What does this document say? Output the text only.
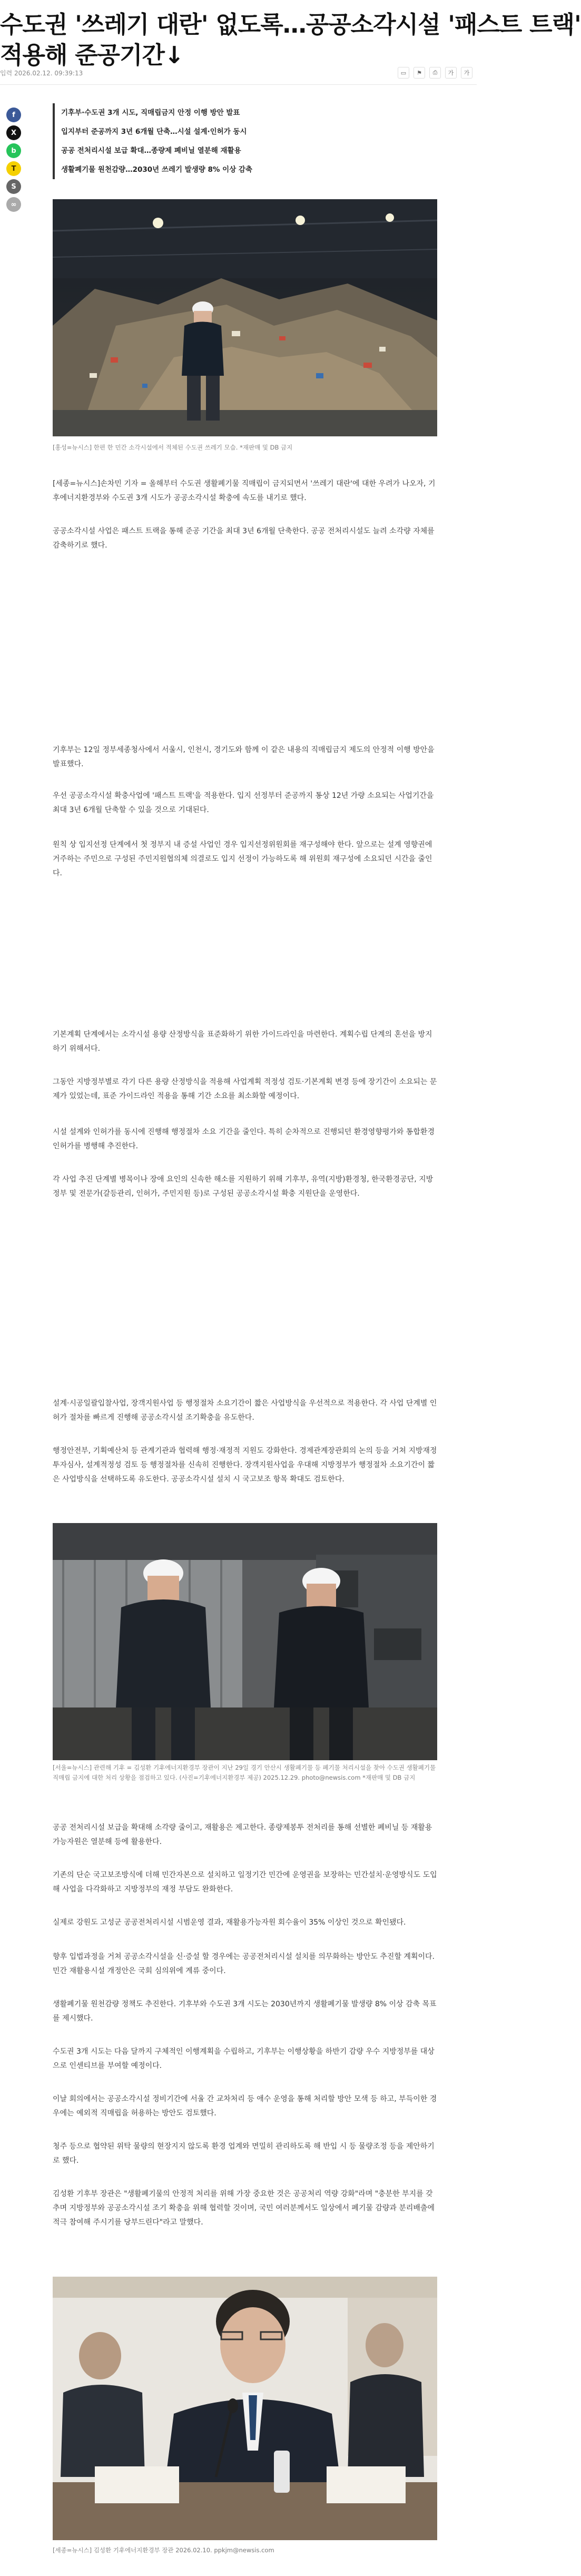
수도권 '쓰레기 대란' 없도록…공공소각시설 '패스트 트랙'
적용해 준공기간↓
입력 2026.02.12. 09:39:13	▭	⚑	⎙	가	가
f
X
b
T
S
∞

기후부·수도권 3개 시도, 직매립금지 안정 이행 방안 발표

입지부터 준공까지 3년 6개월 단축…시설 설계·인허가 동시

공공 전처리시설 보급 확대…종량제 폐비닐 열분해 재활용

생활폐기물 원천감량…2030년 쓰레기 발생량 8% 이상 감축

[홍성=뉴시스] 한편 한 민간 소각시설에서 적체된 수도권 쓰레기 모습. *재판매 및 DB 금지

[세종=뉴시스]손차민 기자 = 올해부터 수도권 생활폐기물 직매립이 금지되면서 '쓰레기 대란'에 대한 우려가 나오자, 기후에너지환경부와 수도권 3개 시도가 공공소각시설 확충에 속도를 내기로 했다.

공공소각시설 사업은 패스트 트랙을 통해 준공 기간을 최대 3년 6개월 단축한다. 공공 전처리시설도 늘려 소각량 자체를 감축하기로 했다.

기후부는 12일 정부세종청사에서 서울시, 인천시, 경기도와 함께 이 같은 내용의 직매립금지 제도의 안정적 이행 방안을 발표했다.

우선 공공소각시설 확충사업에 '패스트 트랙'을 적용한다. 입지 선정부터 준공까지 통상 12년 가량 소요되는 사업기간을 최대 3년 6개월 단축할 수 있을 것으로 기대된다.

원칙 상 입지선정 단계에서 첫 정부지 내 증설 사업인 경우 입지선정위원회를 재구성해야 한다. 앞으로는 설계 영향권에 거주하는 주민으로 구성된 주민지원협의체 의결로도 입지 선정이 가능하도록 해 위원회 재구성에 소요되던 시간을 줄인다.

기본계획 단계에서는 소각시설 용량 산정방식을 표준화하기 위한 가이드라인을 마련한다. 계획수립 단계의 혼선을 방지하기 위해서다.

그동안 지방정부별로 각기 다른 용량 산정방식을 적용해 사업계획 적정성 검토·기본계획 변경 등에 장기간이 소요되는 문제가 있었는데, 표준 가이드라인 적용을 통해 기간 소요를 최소화할 예정이다.

시설 설계와 인허가를 동시에 진행해 행정절차 소요 기간을 줄인다. 특히 순차적으로 진행되던 환경영향평가와 통합환경인허가를 병행해 추진한다.

각 사업 추진 단계별 병목이나 장애 요인의 신속한 해소를 지원하기 위해 기후부, 유역(지방)환경청, 한국환경공단, 지방정부 및 전문가(갈등관리, 인허가, 주민지원 등)로 구성된 공공소각시설 확충 지원단을 운영한다.

설계·시공일괄입찰사업, 장객지원사업 등 행정절차 소요기간이 짧은 사업방식을 우선적으로 적용한다. 각 사업 단계별 인허가 절차를 빠르게 진행해 공공소각시설 조기확충을 유도한다.

행정안전부, 기획예산처 등 관계기관과 협력해 행정·재정적 지원도 강화한다. 경제관계장관회의 논의 등을 거쳐 지방재정투자심사, 설계적정성 검토 등 행정절차를 신속히 진행한다. 장객지원사업을 우대해 지방정부가 행정절차 소요기간이 짧은 사업방식을 선택하도록 유도한다. 공공소각시설 설치 시 국고보조 항목 확대도 검토한다.

[서울=뉴시스] 관련해 기후 = 김성환 기후에너지환경부 장관이 지난 29일 경기 안산시 생활폐기물 등 폐기물 처리시설을 찾아 수도권 생활폐기물 직매립 금지에 대한 처리 상황을 점검하고 있다. (사진=기후에너지환경부 제공) 2025.12.29. photo@newsis.com *재판매 및 DB 금지

공공 전처리시설 보급을 확대해 소각량 줄이고, 재활용은 제고한다. 종량제봉투 전처리를 통해 선별한 폐비닐 등 재활용가능자원은 열분해 등에 활용한다.

기존의 단순 국고보조방식에 더해 민간자본으로 설치하고 일정기간 민간에 운영권을 보장하는 민간설치·운영방식도 도입해 사업을 다각화하고 지방정부의 재정 부담도 완화한다.

실제로 강원도 고성군 공공전처리시설 시범운영 결과, 재활용가능자원 회수율이 35% 이상인 것으로 확인됐다.

향후 입법과정을 거쳐 공공소각시설을 신·증설 할 경우에는 공공전처리시설 설치를 의무화하는 방안도 추진할 계획이다. 민간 재활용시설 개정안은 국회 심의위에 계류 중이다.

생활폐기물 원천감량 정책도 추진한다. 기후부와 수도권 3개 시도는 2030년까지 생활폐기물 발생량 8% 이상 감축 목표를 제시했다.

수도권 3개 시도는 다음 달까지 구체적인 이행계획을 수립하고, 기후부는 이행상황을 하반기 감량 우수 지방정부를 대상으로 인센티브를 부여할 예정이다.

이날 회의에서는 공공소각시설 정비기간에 서울 간 교차처리 등 애수 운영을 통해 처리할 방안 모색 등 하고, 부득이한 경우에는 예외적 직매립을 허용하는 방안도 검토했다.

청주 등으로 협약된 위탁 물량의 현장지지 않도록 환경 업계와 면밀히 관리하도록 해 반입 시 등 물량조정 등을 제안하기로 했다.

김성환 기후부 장관은 "생활폐기물의 안정적 처리를 위해 가장 중요한 것은 공공처리 역량 강화"라며 "충분한 부지를 갖추며 지방정부와 공공소각시설 조기 확충을 위해 협력할 것이며, 국민 여러분께서도 일상에서 폐기물 감량과 분리배출에 적극 참여해 주시기를 당부드린다"라고 말했다.

[세종=뉴시스] 김성환 기후에너지환경부 장관 2026.02.10. ppkjm@newsis.com
